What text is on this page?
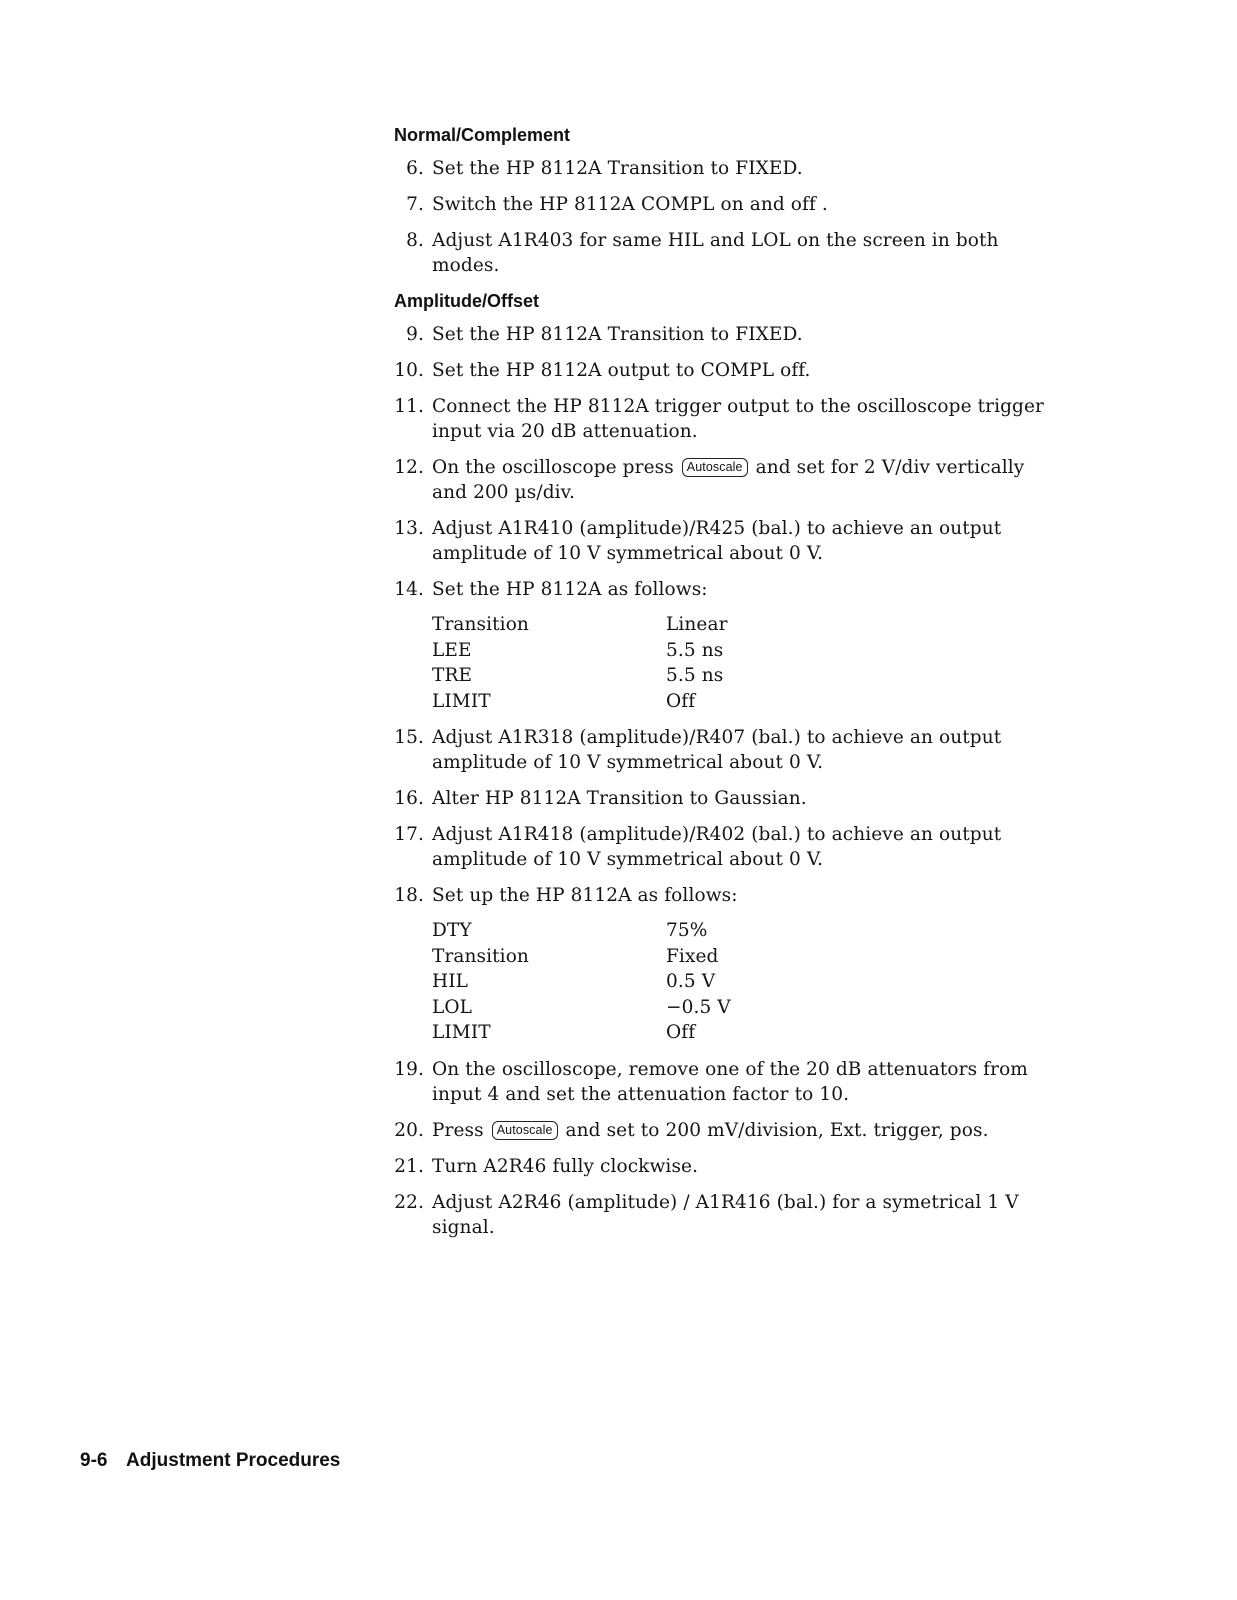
Normal/Complement
6. Set the HP 8112A Transition to FIXED.
7. Switch the HP 8112A COMPL on and off .
8. Adjust A1R403 for same HIL and LOL on the screen in both modes.
Amplitude/Offset
9. Set the HP 8112A Transition to FIXED.
10. Set the HP 8112A output to COMPL off.
11. Connect the HP 8112A trigger output to the oscilloscope trigger input via 20 dB attenuation.
12. On the oscilloscope press Autoscale and set for 2 V/div vertically and 200 µs/div.
13. Adjust A1R410 (amplitude)/R425 (bal.) to achieve an output amplitude of 10 V symmetrical about 0 V.
14. Set the HP 8112A as follows:
Transition	Linear
LEE	5.5 ns
TRE	5.5 ns
LIMIT	Off
15. Adjust A1R318 (amplitude)/R407 (bal.) to achieve an output amplitude of 10 V symmetrical about 0 V.
16. Alter HP 8112A Transition to Gaussian.
17. Adjust A1R418 (amplitude)/R402 (bal.) to achieve an output amplitude of 10 V symmetrical about 0 V.
18. Set up the HP 8112A as follows:
DTY	75%
Transition	Fixed
HIL	0.5 V
LOL	−0.5 V
LIMIT	Off
19. On the oscilloscope, remove one of the 20 dB attenuators from input 4 and set the attenuation factor to 10.
20. Press Autoscale and set to 200 mV/division, Ext. trigger, pos.
21. Turn A2R46 fully clockwise.
22. Adjust A2R46 (amplitude) / A1R416 (bal.) for a symetrical 1 V signal.
9-6 Adjustment Procedures
